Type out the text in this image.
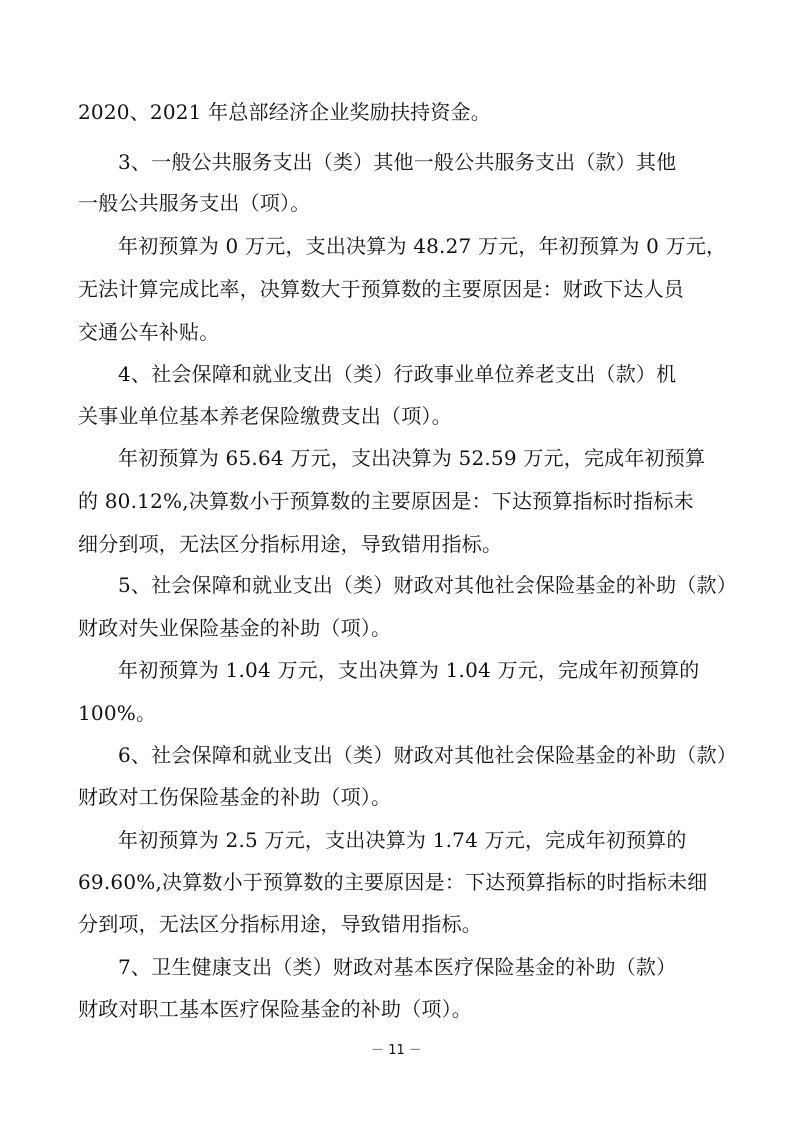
2020、2021 年总部经济企业奖励扶持资金。
3、一般公共服务支出（类）其他一般公共服务支出（款）其他
一般公共服务支出（项）。
年初预算为 0 万元，支出决算为 48.27 万元，年初预算为 0 万元，
无法计算完成比率，决算数大于预算数的主要原因是：财政下达人员
交通公车补贴。
4、社会保障和就业支出（类）行政事业单位养老支出（款）机
关事业单位基本养老保险缴费支出（项）。
年初预算为 65.64 万元，支出决算为 52.59 万元，完成年初预算
的 80.12%,决算数小于预算数的主要原因是：下达预算指标时指标未
细分到项，无法区分指标用途，导致错用指标。
5、社会保障和就业支出（类）财政对其他社会保险基金的补助（款）
财政对失业保险基金的补助（项）。
年初预算为 1.04 万元，支出决算为 1.04 万元，完成年初预算的
100%。
6、社会保障和就业支出（类）财政对其他社会保险基金的补助（款）
财政对工伤保险基金的补助（项）。
年初预算为 2.5 万元，支出决算为 1.74 万元，完成年初预算的
69.60%,决算数小于预算数的主要原因是：下达预算指标的时指标未细
分到项，无法区分指标用途，导致错用指标。
7、卫生健康支出（类）财政对基本医疗保险基金的补助（款）
财政对职工基本医疗保险基金的补助（项）。
－ 11 －
